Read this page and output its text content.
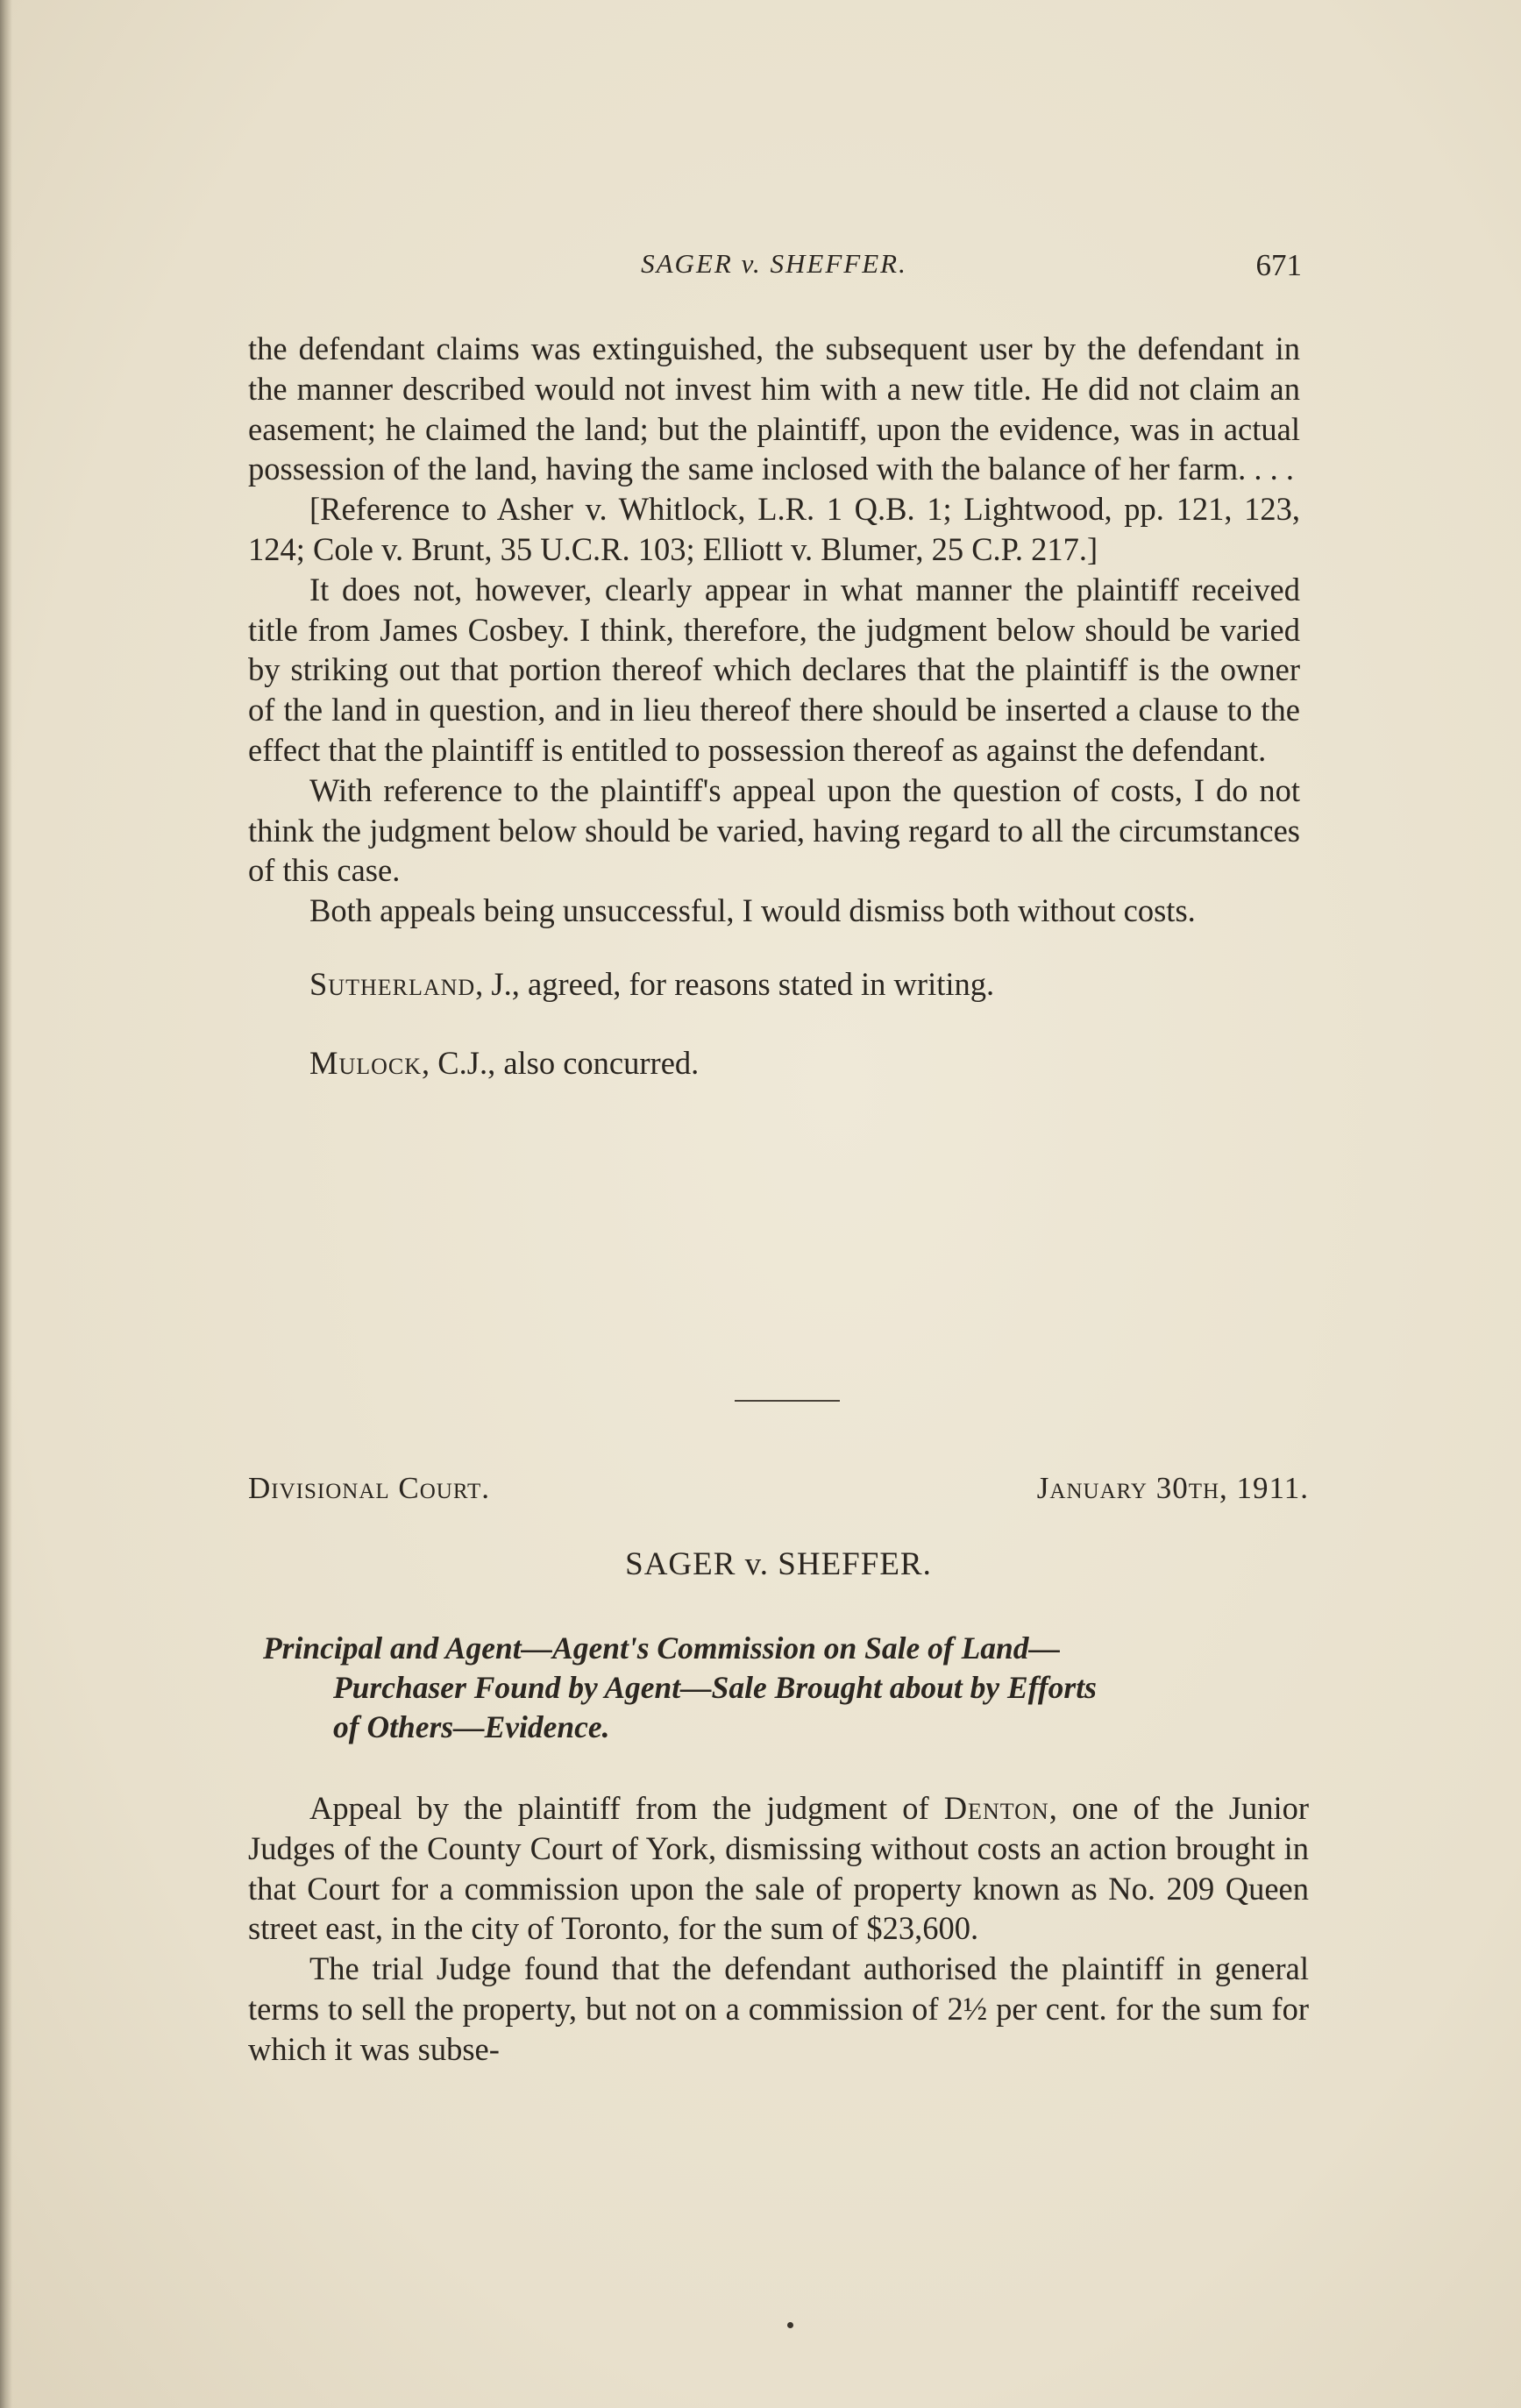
SAGER v. SHEFFER.	671

the defendant claims was extinguished, the subsequent user by the defendant in the manner described would not invest him with a new title. He did not claim an easement; he claimed the land; but the plaintiff, upon the evidence, was in actual possession of the land, having the same inclosed with the balance of her farm. . . .

[Reference to Asher v. Whitlock, L.R. 1 Q.B. 1; Lightwood, pp. 121, 123, 124; Cole v. Brunt, 35 U.C.R. 103; Elliott v. Blumer, 25 C.P. 217.]

It does not, however, clearly appear in what manner the plaintiff received title from James Cosbey. I think, therefore, the judgment below should be varied by striking out that portion thereof which declares that the plaintiff is the owner of the land in question, and in lieu thereof there should be inserted a clause to the effect that the plaintiff is entitled to possession thereof as against the defendant.

With reference to the plaintiff's appeal upon the question of costs, I do not think the judgment below should be varied, having regard to all the circumstances of this case.

Both appeals being unsuccessful, I would dismiss both without costs.

Sutherland, J., agreed, for reasons stated in writing.
Mulock, C.J., also concurred.
Divisional Court.	January 30th, 1911.
SAGER v. SHEFFER.
Principal and Agent—Agent's Commission on Sale of Land—
Purchaser Found by Agent—Sale Brought about by Efforts
of Others—Evidence.

Appeal by the plaintiff from the judgment of Denton, one of the Junior Judges of the County Court of York, dismissing without costs an action brought in that Court for a commission upon the sale of property known as No. 209 Queen street east, in the city of Toronto, for the sum of $23,600.

The trial Judge found that the defendant authorised the plaintiff in general terms to sell the property, but not on a commission of 2½ per cent. for the sum for which it was subse-
